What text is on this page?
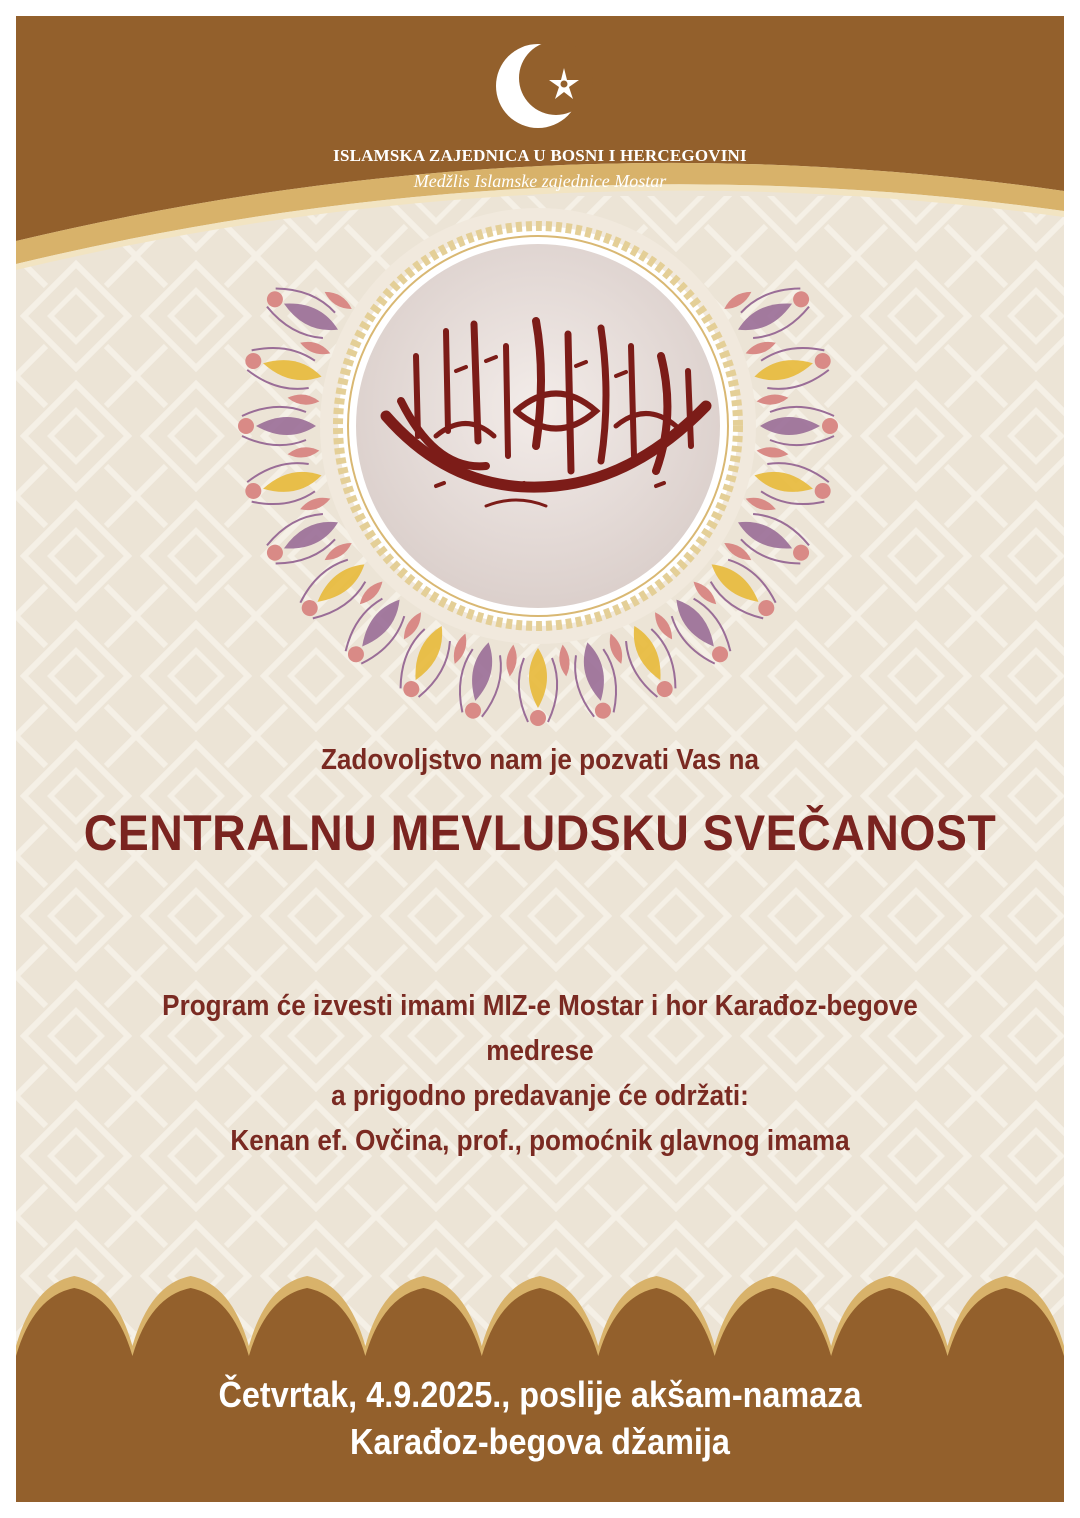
ISLAMSKA ZAJEDNICA U BOSNI I HERCEGOVINI
Medžlis Islamske zajednice Mostar
Zadovoljstvo nam je pozvati Vas na
CENTRALNU MEVLUDSKU SVEČANOST
Program će izvesti imami MIZ-e Mostar i hor Karađoz-begove
medrese
a prigodno predavanje će održati:
Kenan ef. Ovčina, prof., pomoćnik glavnog imama
Četvrtak, 4.9.2025., poslije akšam-namaza
Karađoz-begova džamija
